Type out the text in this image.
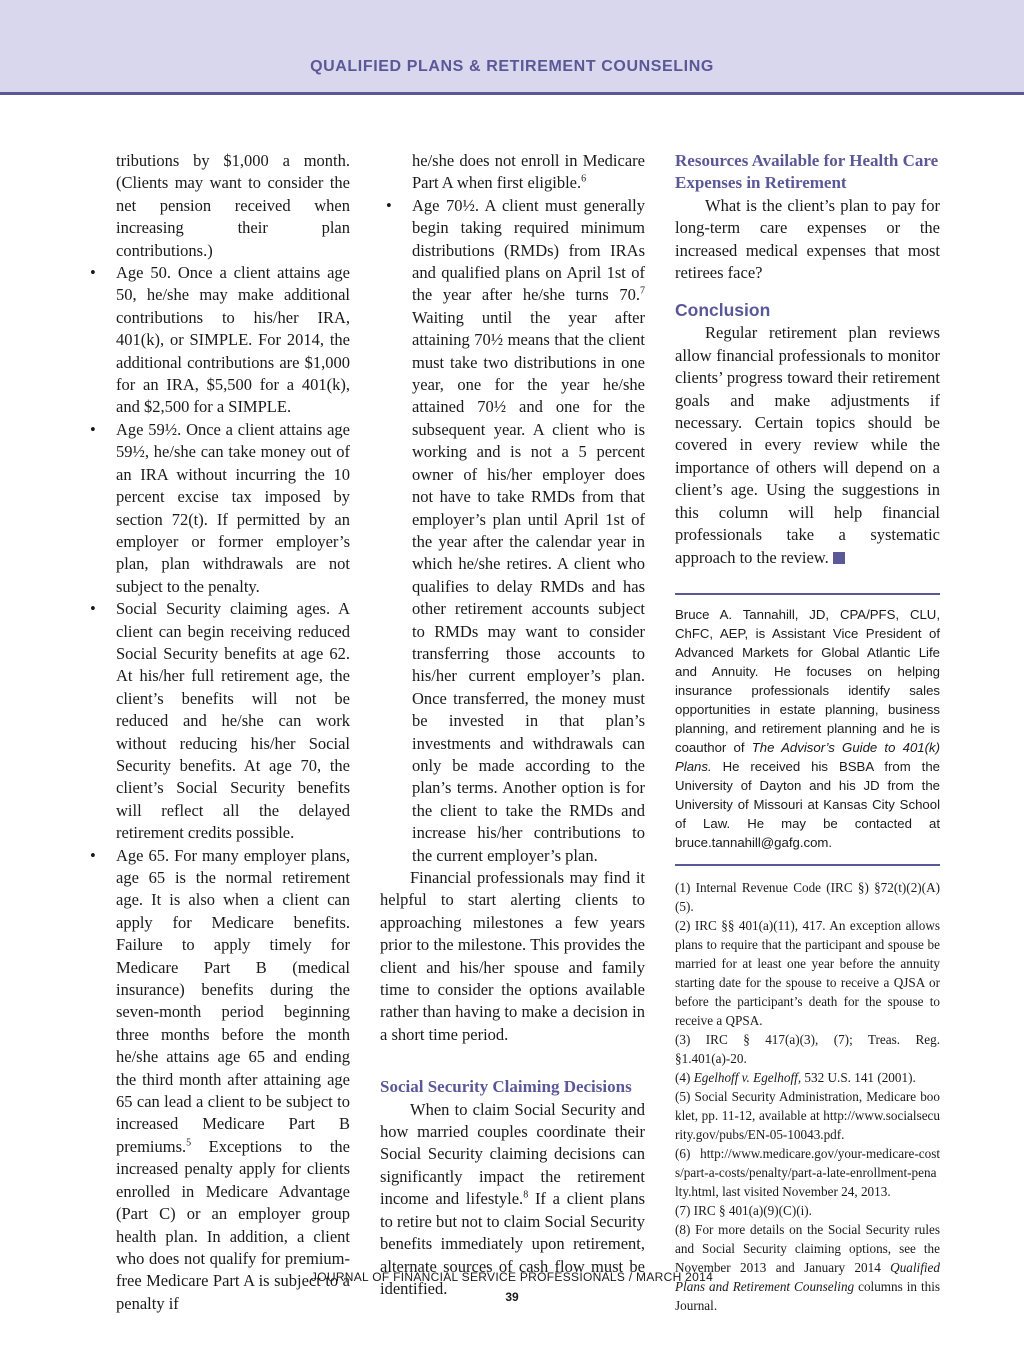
QUALIFIED PLANS & RETIREMENT COUNSELING

tributions by $1,000 a month. (Clients may want to consider the net pension received when increasing their plan contributions.)

• Age 50. Once a client attains age 50, he/she may make additional contributions to his/her IRA, 401(k), or SIMPLE. For 2014, the additional contributions are $1,000 for an IRA, $5,500 for a 401(k), and $2,500 for a SIMPLE.
• Age 59½. Once a client attains age 59½, he/she can take money out of an IRA without incurring the 10 percent excise tax imposed by section 72(t). If permitted by an employer or former employer’s plan, plan withdrawals are not subject to the penalty.
• Social Security claiming ages. A client can begin receiving reduced Social Security benefits at age 62. At his/her full retirement age, the client’s benefits will not be reduced and he/she can work without reducing his/her Social Security benefits. At age 70, the client’s Social Security benefits will reflect all the delayed retirement credits possible.
• Age 65. For many employer plans, age 65 is the normal retirement age. It is also when a client can apply for Medicare benefits. Failure to apply timely for Medicare Part B (medical insurance) benefits during the seven-month period beginning three months before the month he/she attains age 65 and ending the third month after attaining age 65 can lead a client to be subject to increased Medicare Part B premiums.$^5$ Exceptions to the increased penalty apply for clients enrolled in Medicare Advantage (Part C) or an employer group health plan. In addition, a client who does not qualify for premium-free Medicare Part A is subject to a penalty if

he/she does not enroll in Medicare Part A when first eligible.$^6$

• Age 70½. A client must generally begin taking required minimum distributions (RMDs) from IRAs and qualified plans on April 1st of the year after he/she turns 70.$^7$ Waiting until the year after attaining 70½ means that the client must take two distributions in one year, one for the year he/she attained 70½ and one for the subsequent year. A client who is working and is not a 5 percent owner of his/her employer does not have to take RMDs from that employer’s plan until April 1st of the year after the calendar year in which he/she retires. A client who qualifies to delay RMDs and has other retirement accounts subject to RMDs may want to consider transferring those accounts to his/her current employer’s plan. Once transferred, the money must be invested in that plan’s investments and withdrawals can only be made according to the plan’s terms. Another option is for the client to take the RMDs and increase his/her contributions to the current employer’s plan.

Financial professionals may find it helpful to start alerting clients to approaching milestones a few years prior to the milestone. This provides the client and his/her spouse and family time to consider the options available rather than having to make a decision in a short time period.

Social Security Claiming Decisions

When to claim Social Security and how married couples coordinate their Social Security claiming decisions can significantly impact the retirement income and lifestyle.$^8$ If a client plans to retire but not to claim Social Security benefits immediately upon retirement, alternate sources of cash flow must be identified.

Resources Available for Health Care Expenses in Retirement

What is the client’s plan to pay for long-term care expenses or the increased medical expenses that most retirees face?

Conclusion

Regular retirement plan reviews allow financial professionals to monitor clients’ progress toward their retirement goals and make adjustments if necessary. Certain topics should be covered in every review while the importance of others will depend on a client’s age. Using the suggestions in this column will help financial professionals take a systematic approach to the review.

Bruce A. Tannahill, JD, CPA/PFS, CLU, ChFC, AEP, is Assistant Vice President of Advanced Markets for Global Atlantic Life and Annuity. He focuses on helping insurance professionals identify sales opportunities in estate planning, business planning, and retirement planning and he is coauthor of The Advisor’s Guide to 401(k) Plans. He received his BSBA from the University of Dayton and his JD from the University of Missouri at Kansas City School of Law. He may be contacted at bruce.tannahill@gafg.com.

(1) Internal Revenue Code (IRC §) §72(t)(2)(A)(5).

(2) IRC §§ 401(a)(11), 417. An exception allows plans to require that the participant and spouse be married for at least one year before the annuity starting date for the spouse to receive a QJSA or before the participant’s death for the spouse to receive a QPSA.

(3) IRC § 417(a)(3), (7); Treas. Reg. §1.401(a)-20.

(4) Egelhoff v. Egelhoff, 532 U.S. 141 (2001).

(5) Social Security Administration, Medicare booklet, pp. 11-12, available at http://www.socialsecurity.gov/pubs/EN-05-10043.pdf.

(6) http://www.medicare.gov/your-medicare-costs/part-a-costs/penalty/part-a-late-enrollment-penalty.html, last visited November 24, 2013.

(7) IRC § 401(a)(9)(C)(i).

(8) For more details on the Social Security rules and Social Security claiming options, see the November 2013 and January 2014 Qualified Plans and Retirement Counseling columns in this Journal.

JOURNAL OF FINANCIAL SERVICE PROFESSIONALS / MARCH 2014
39
